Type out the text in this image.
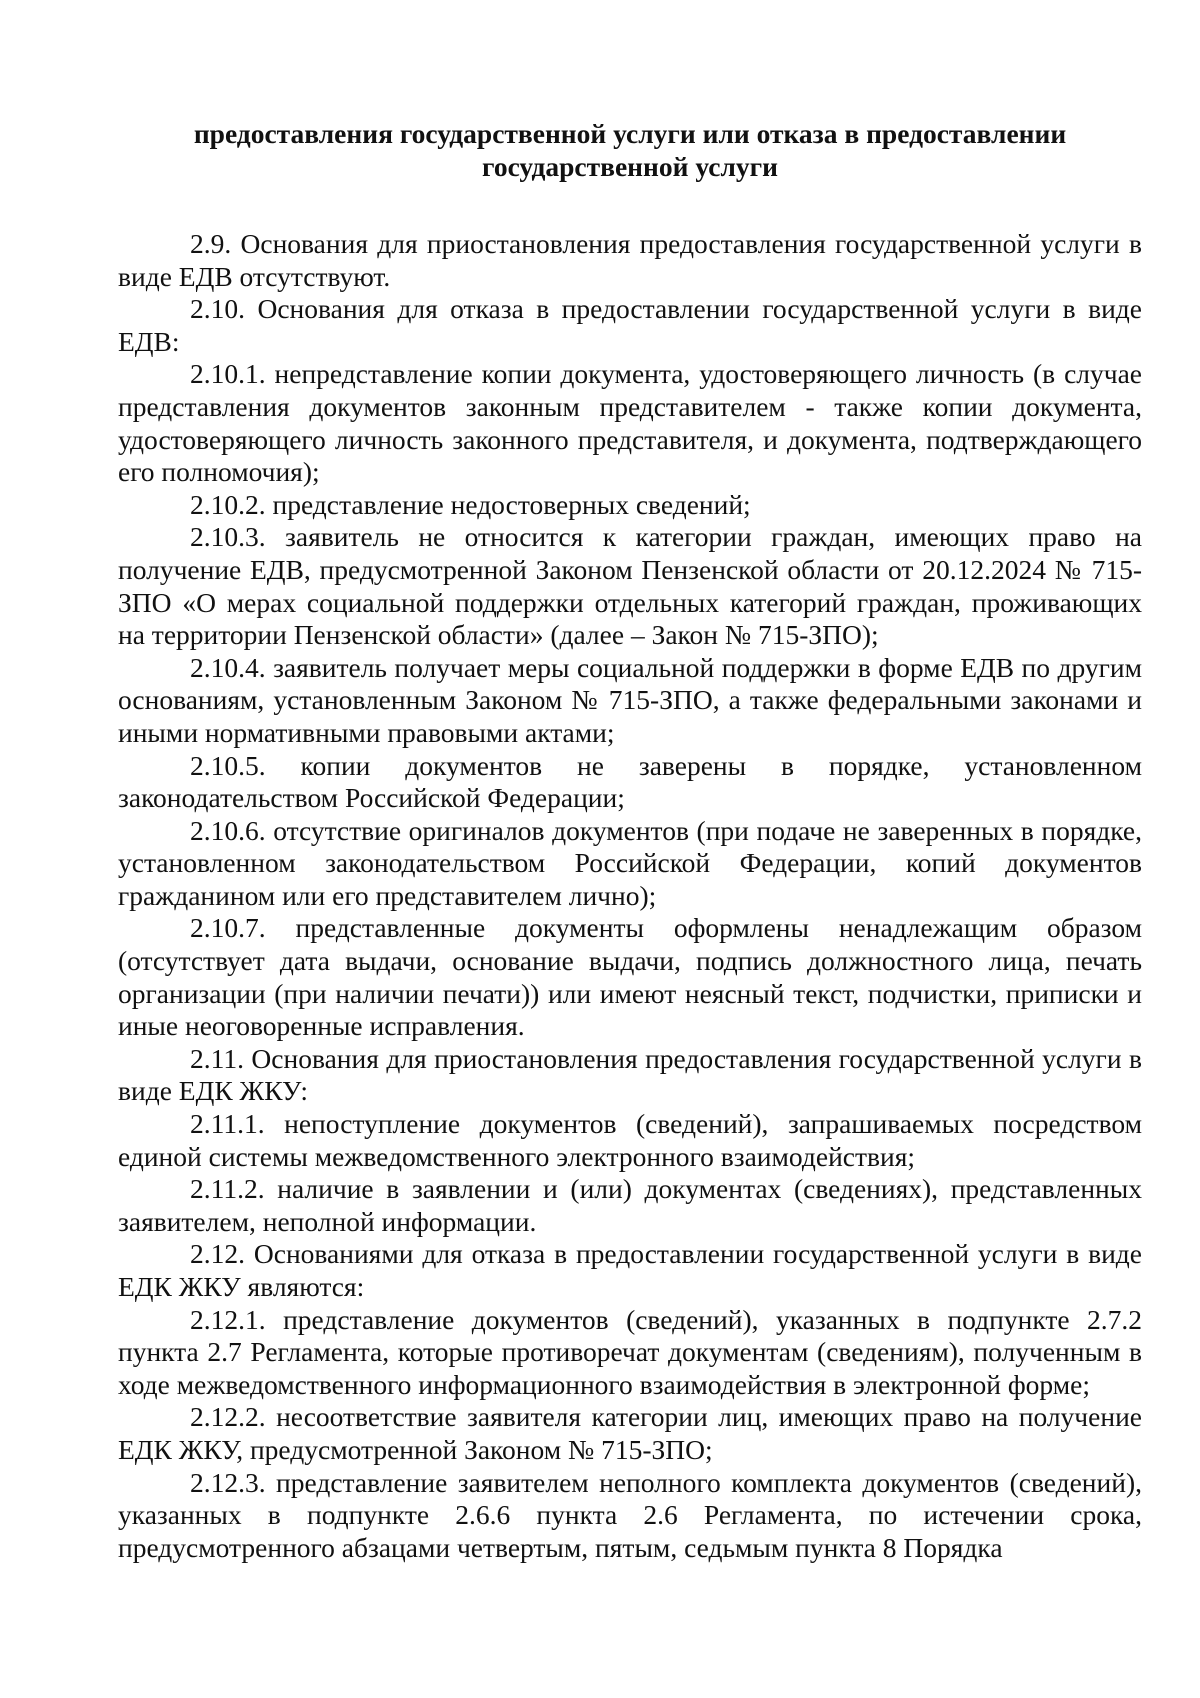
предоставления государственной услуги или отказа в предоставлении
государственной услуги

2.9. Основания для приостановления предоставления государственной услуги в виде ЕДВ отсутствуют.

2.10. Основания для отказа в предоставлении государственной услуги в виде ЕДВ:

2.10.1. непредставление копии документа, удостоверяющего личность (в случае представления документов законным представителем - также копии документа, удостоверяющего личность законного представителя, и документа, подтверждающего его полномочия);

2.10.2. представление недостоверных сведений;

2.10.3. заявитель не относится к категории граждан, имеющих право на получение ЕДВ, предусмотренной Законом Пензенской области от 20.12.2024 № 715-ЗПО «О мерах социальной поддержки отдельных категорий граждан, проживающих на территории Пензенской области» (далее – Закон № 715-ЗПО);

2.10.4. заявитель получает меры социальной поддержки в форме ЕДВ по другим основаниям, установленным Законом № 715-ЗПО, а также федеральными законами и иными нормативными правовыми актами;

2.10.5. копии документов не заверены в порядке, установленном законодательством Российской Федерации;

2.10.6. отсутствие оригиналов документов (при подаче не заверенных в порядке, установленном законодательством Российской Федерации, копий документов гражданином или его представителем лично);

2.10.7. представленные документы оформлены ненадлежащим образом (отсутствует дата выдачи, основание выдачи, подпись должностного лица, печать организации (при наличии печати)) или имеют неясный текст, подчистки, приписки и иные неоговоренные исправления.

2.11. Основания для приостановления предоставления государственной услуги в виде ЕДК ЖКУ:

2.11.1. непоступление документов (сведений), запрашиваемых посредством единой системы межведомственного электронного взаимодействия;

2.11.2. наличие в заявлении и (или) документах (сведениях), представленных заявителем, неполной информации.

2.12. Основаниями для отказа в предоставлении государственной услуги в виде ЕДК ЖКУ являются:

2.12.1. представление документов (сведений), указанных в подпункте 2.7.2 пункта 2.7 Регламента, которые противоречат документам (сведениям), полученным в ходе межведомственного информационного взаимодействия в электронной форме;

2.12.2. несоответствие заявителя категории лиц, имеющих право на получение ЕДК ЖКУ, предусмотренной Законом № 715-ЗПО;

2.12.3. представление заявителем неполного комплекта документов (сведений), указанных в подпункте 2.6.6 пункта 2.6 Регламента, по истечении срока, предусмотренного абзацами четвертым, пятым, седьмым пункта 8 Порядка
